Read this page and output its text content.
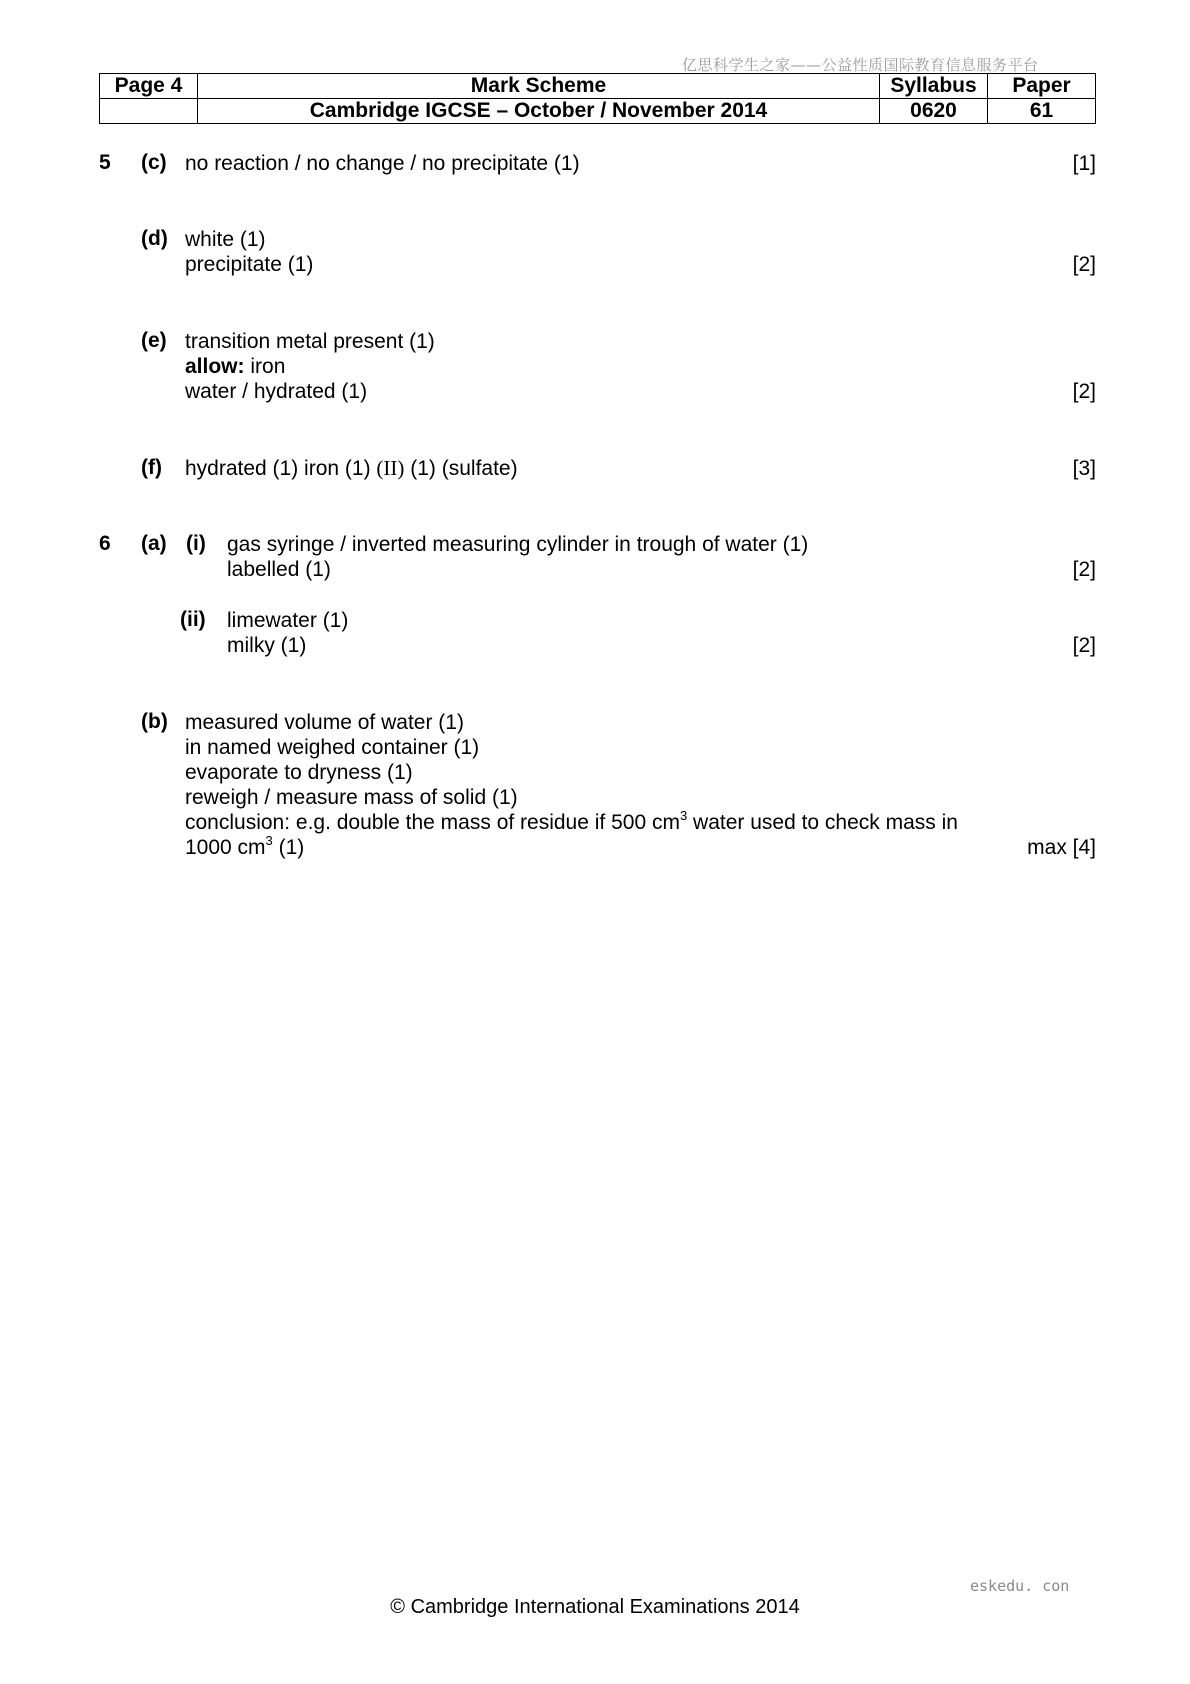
亿思科学生之家——公益性质国际教育信息服务平台
Page 4	Mark Scheme	Syllabus	Paper
	Cambridge IGCSE – October / November 2014	0620	61
5 (c) no reaction / no change / no precipitate (1)	[1]
(d) white (1)
precipitate (1)	[2]
(e) transition metal present (1)
allow: iron
water / hydrated (1)	[2]
(f) hydrated (1) iron (1) (II) (1) (sulfate)	[3]
6 (a) (i) gas syringe / inverted measuring cylinder in trough of water (1)
labelled (1)	[2]
(ii) limewater (1)
milky (1)	[2]
(b) measured volume of water (1)
in named weighed container (1)
evaporate to dryness (1)
reweigh / measure mass of solid (1)
conclusion: e.g. double the mass of residue if 500 $cm^3$ water used to check mass in
1000 $cm^3$ (1)	max [4]
eskedu. con
© Cambridge International Examinations 2014
